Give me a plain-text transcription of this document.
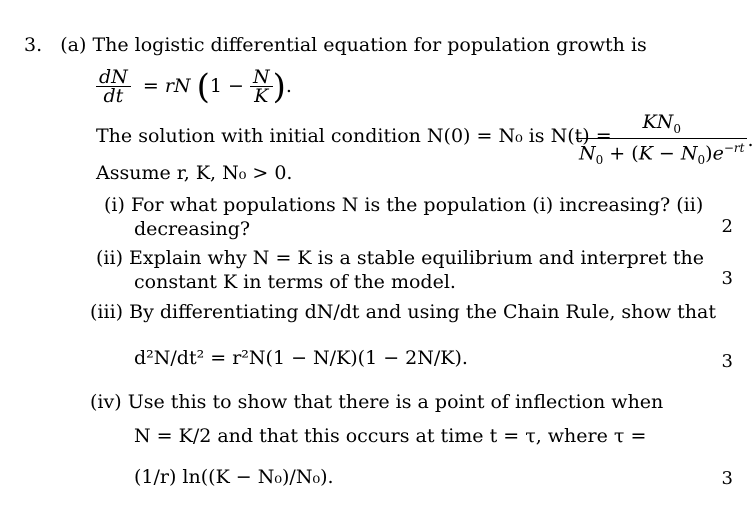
3. (a) The logistic differential equation for population growth is
$\frac{dN}{dt}$ = rN ($1 - \frac{N}{K}$ ).
The solution with initial condition N(0) = N₀ is N(t) =
$\frac{KN_0}{N_0 + (K - N_0)e^{-rt}}$ .
Assume r, K, N₀ > 0.
(i) For what populations N is the population (i) increasing? (ii)
decreasing?	2
(ii) Explain why N = K is a stable equilibrium and interpret the
constant K in terms of the model.	3
(iii) By differentiating dN/dt and using the Chain Rule, show that
d²N/dt² = r²N(1 − N/K)(1 − 2N/K).	3
(iv) Use this to show that there is a point of inflection when
N = K/2 and that this occurs at time t = τ, where τ =
(1/r) ln((K − N₀)/N₀).	3
